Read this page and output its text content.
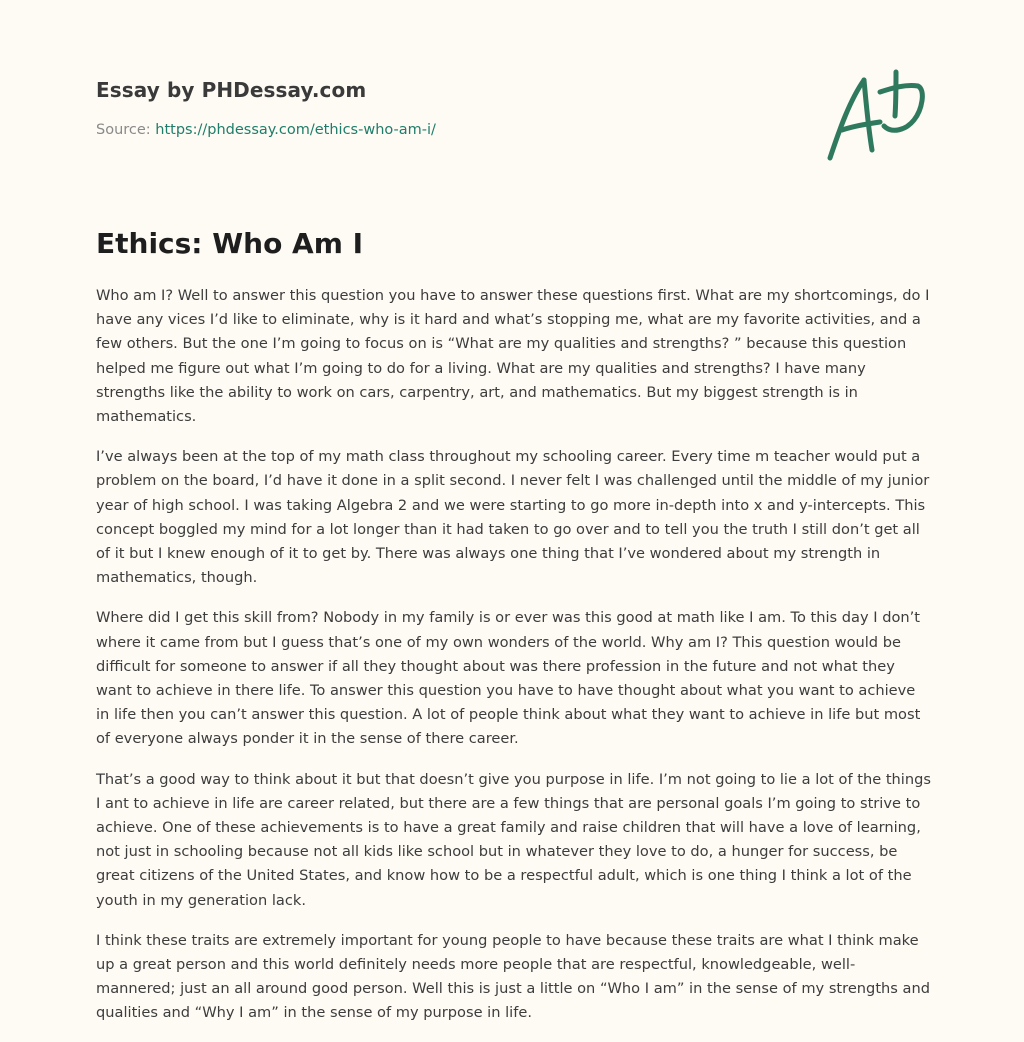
Essay by PHDessay.com
Source: https://phdessay.com/ethics-who-am-i/
Ethics: Who Am I

Who am I? Well to answer this question you have to answer these questions first. What are my shortcomings, do I have any vices I’d like to eliminate, why is it hard and what’s stopping me, what are my favorite activities, and a few others. But the one I’m going to focus on is “What are my qualities and strengths? ” because this question helped me figure out what I’m going to do for a living. What are my qualities and strengths? I have many strengths like the ability to work on cars, carpentry, art, and mathematics. But my biggest strength is in mathematics.

I’ve always been at the top of my math class throughout my schooling career. Every time m teacher would put a problem on the board, I’d have it done in a split second. I never felt I was challenged until the middle of my junior year of high school. I was taking Algebra 2 and we were starting to go more in-depth into x and y-intercepts. This concept boggled my mind for a lot longer than it had taken to go over and to tell you the truth I still don’t get all of it but I knew enough of it to get by. There was always one thing that I’ve wondered about my strength in mathematics, though.

Where did I get this skill from? Nobody in my family is or ever was this good at math like I am. To this day I don’t where it came from but I guess that’s one of my own wonders of the world. Why am I? This question would be difficult for someone to answer if all they thought about was there profession in the future and not what they want to achieve in there life. To answer this question you have to have thought about what you want to achieve in life then you can’t answer this question. A lot of people think about what they want to achieve in life but most of everyone always ponder it in the sense of there career.

That’s a good way to think about it but that doesn’t give you purpose in life. I’m not going to lie a lot of the things I ant to achieve in life are career related, but there are a few things that are personal goals I’m going to strive to achieve. One of these achievements is to have a great family and raise children that will have a love of learning, not just in schooling because not all kids like school but in whatever they love to do, a hunger for success, be great citizens of the United States, and know how to be a respectful adult, which is one thing I think a lot of the youth in my generation lack.

I think these traits are extremely important for young people to have because these traits are what I think make up a great person and this world definitely needs more people that are respectful, knowledgeable, well-mannered; just an all around good person. Well this is just a little on “Who I am” in the sense of my strengths and qualities and “Why I am” in the sense of my purpose in life.
